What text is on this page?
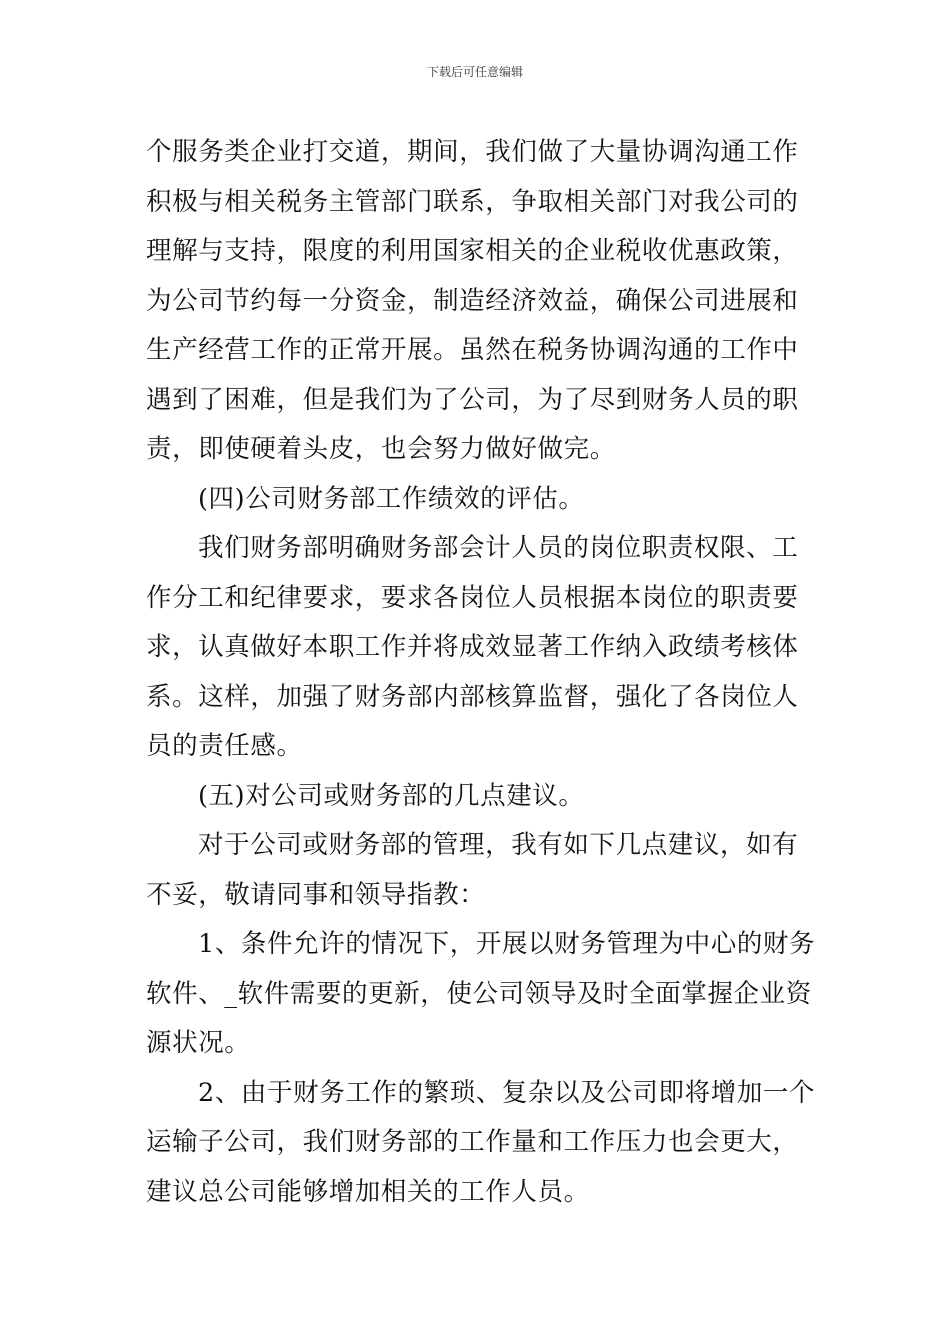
下载后可任意编辑

个服务类企业打交道，期间，我们做了大量协调沟通工作
积极与相关税务主管部门联系，争取相关部门对我公司的
理解与支持，限度的利用国家相关的企业税收优惠政策，
为公司节约每一分资金，制造经济效益，确保公司进展和
生产经营工作的正常开展。虽然在税务协调沟通的工作中
遇到了困难，但是我们为了公司，为了尽到财务人员的职
责，即使硬着头皮，也会努力做好做完。

(四)公司财务部工作绩效的评估。

我们财务部明确财务部会计人员的岗位职责权限、工
作分工和纪律要求，要求各岗位人员根据本岗位的职责要
求，认真做好本职工作并将成效显著工作纳入政绩考核体
系。这样，加强了财务部内部核算监督，强化了各岗位人
员的责任感。

(五)对公司或财务部的几点建议。

对于公司或财务部的管理，我有如下几点建议，如有
不妥，敬请同事和领导指教：

1、条件允许的情况下，开展以财务管理为中心的财务
软件、_软件需要的更新，使公司领导及时全面掌握企业资
源状况。

2、由于财务工作的繁琐、复杂以及公司即将增加一个
运输子公司，我们财务部的工作量和工作压力也会更大，
建议总公司能够增加相关的工作人员。
